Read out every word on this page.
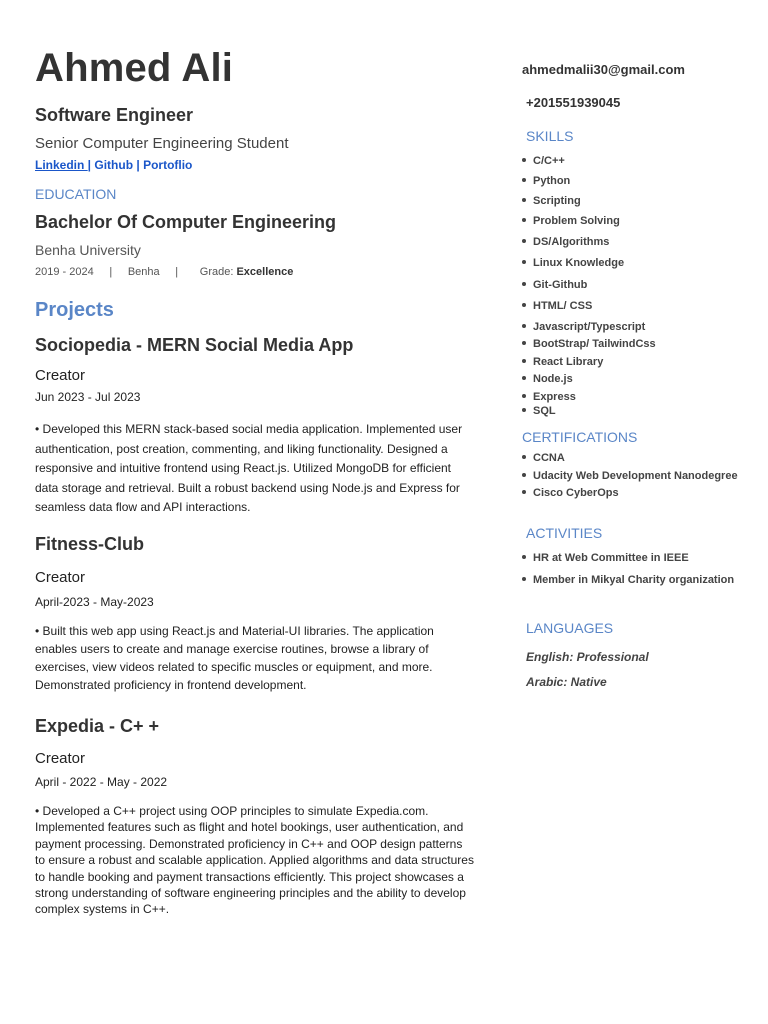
Ahmed Ali
Software Engineer
Senior Computer Engineering Student
Linkedin | Github | Portoflio
EDUCATION
Bachelor Of Computer Engineering
Benha University
2019 - 2024 | Benha | Grade: Excellence
Projects
Sociopedia - MERN Social Media App
Creator
Jun 2023 - Jul 2023
• Developed this MERN stack-based social media application. Implemented user authentication, post creation, commenting, and liking functionality. Designed a responsive and intuitive frontend using React.js. Utilized MongoDB for efficient data storage and retrieval. Built a robust backend using Node.js and Express for seamless data flow and API interactions.
Fitness-Club
Creator
April-2023 - May-2023
• Built this web app using React.js and Material-UI libraries. The application enables users to create and manage exercise routines, browse a library of exercises, view videos related to specific muscles or equipment, and more. Demonstrated proficiency in frontend development.
Expedia - C+ +
Creator
April - 2022 - May - 2022
• Developed a C++ project using OOP principles to simulate Expedia.com. Implemented features such as flight and hotel bookings, user authentication, and payment processing. Demonstrated proficiency in C++ and OOP design patterns to ensure a robust and scalable application. Applied algorithms and data structures to handle booking and payment transactions efficiently. This project showcases a strong understanding of software engineering principles and the ability to develop complex systems in C++.
ahmedmalii30@gmail.com
+201551939045
SKILLS
C/C++
Python
Scripting
Problem Solving
DS/Algorithms
Linux Knowledge
Git-Github
HTML/ CSS
Javascript/Typescript
BootStrap/ TailwindCss
React Library
Node.js
Express
SQL
CERTIFICATIONS
CCNA
Udacity Web Development Nanodegree
Cisco CyberOps
ACTIVITIES
HR at Web Committee in IEEE
Member in Mikyal Charity organization
LANGUAGES
English: Professional
Arabic: Native
